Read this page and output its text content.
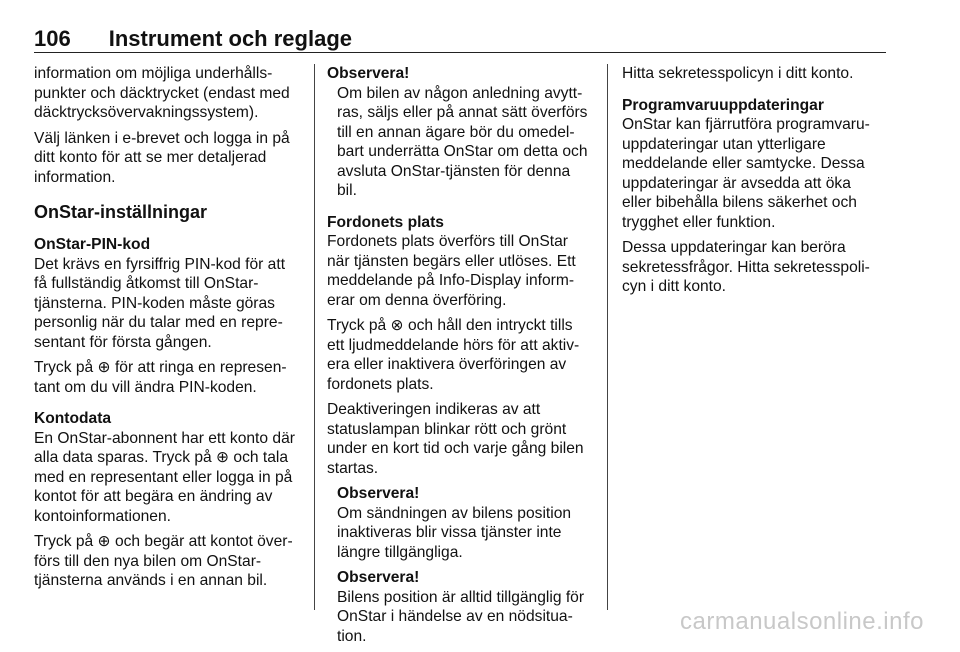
106 Instrument och reglage

information om möjliga underhållspunkter och däcktrycket (endast med däcktrycksövervakningssystem).

Välj länken i e-brevet och logga in på ditt konto för att se mer detaljerad information.

OnStar-inställningar
OnStar-PIN-kod

Det krävs en fyrsiffrig PIN-kod för att få fullständig åtkomst till OnStar-tjänsterna. PIN-koden måste göras personlig när du talar med en representant för första gången.

Tryck på ⊕ för att ringa en representant om du vill ändra PIN-koden.

Kontodata

En OnStar-abonnent har ett konto där alla data sparas. Tryck på ⊕ och tala med en representant eller logga in på kontot för att begära en ändring av kontoinformationen.

Tryck på ⊕ och begär att kontot överförs till den nya bilen om OnStar-tjänsterna används i en annan bil.

Observera!

Om bilen av någon anledning avyttras, säljs eller på annat sätt överförs till en annan ägare bör du omedelbart underrätta OnStar om detta och avsluta OnStar-tjänsten för denna bil.

Fordonets plats

Fordonets plats överförs till OnStar när tjänsten begärs eller utlöses. Ett meddelande på Info-Display informerar om denna överföring.

Tryck på ⊗ och håll den intryckt tills ett ljudmeddelande hörs för att aktivera eller inaktivera överföringen av fordonets plats.

Deaktiveringen indikeras av att statuslampan blinkar rött och grönt under en kort tid och varje gång bilen startas.

Observera!

Om sändningen av bilens position inaktiveras blir vissa tjänster inte längre tillgängliga.

Observera!

Bilens position är alltid tillgänglig för OnStar i händelse av en nödsituation.

Hitta sekretesspolicyn i ditt konto.

Programvaruuppdateringar

OnStar kan fjärrutföra programvaruuppdateringar utan ytterligare meddelande eller samtycke. Dessa uppdateringar är avsedda att öka eller bibehålla bilens säkerhet och trygghet eller funktion.

Dessa uppdateringar kan beröra sekretessfrågor. Hitta sekretesspolicyn i ditt konto.

carmanualsonline.info
